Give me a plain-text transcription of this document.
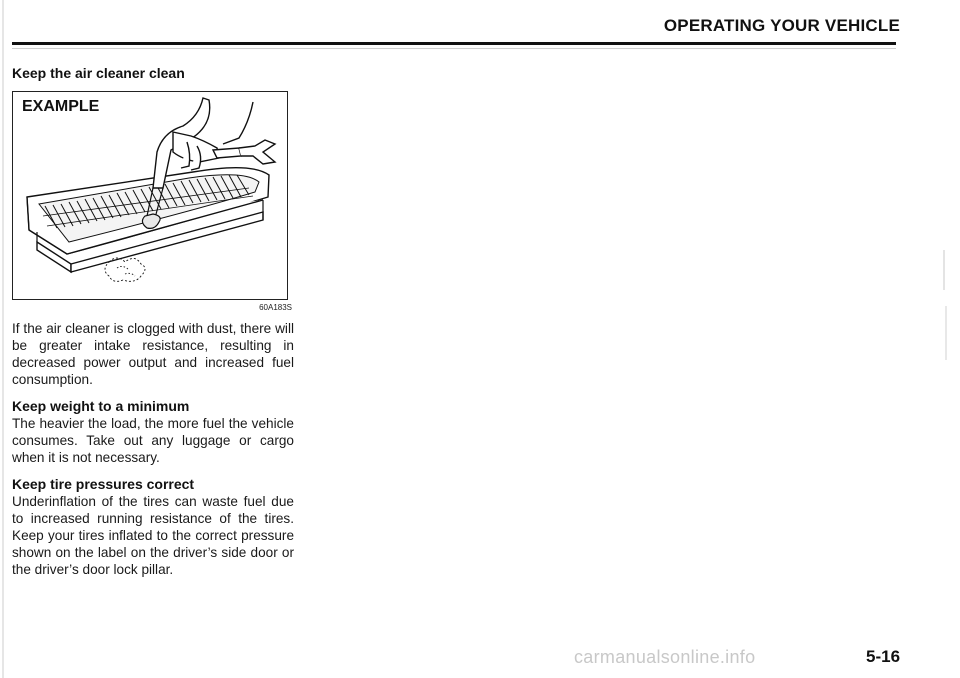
OPERATING YOUR VEHICLE
Keep the air cleaner clean
EXAMPLE
60A183S

If the air cleaner is clogged with dust, there will be greater intake resistance, resulting in decreased power output and increased fuel consumption.

Keep weight to a minimum

The heavier the load, the more fuel the vehicle consumes. Take out any luggage or cargo when it is not necessary.

Keep tire pressures correct

Underinflation of the tires can waste fuel due to increased running resistance of the tires. Keep your tires inflated to the correct pressure shown on the label on the driver’s side door or the driver’s door lock pillar.

carmanualsonline.info	5-16
